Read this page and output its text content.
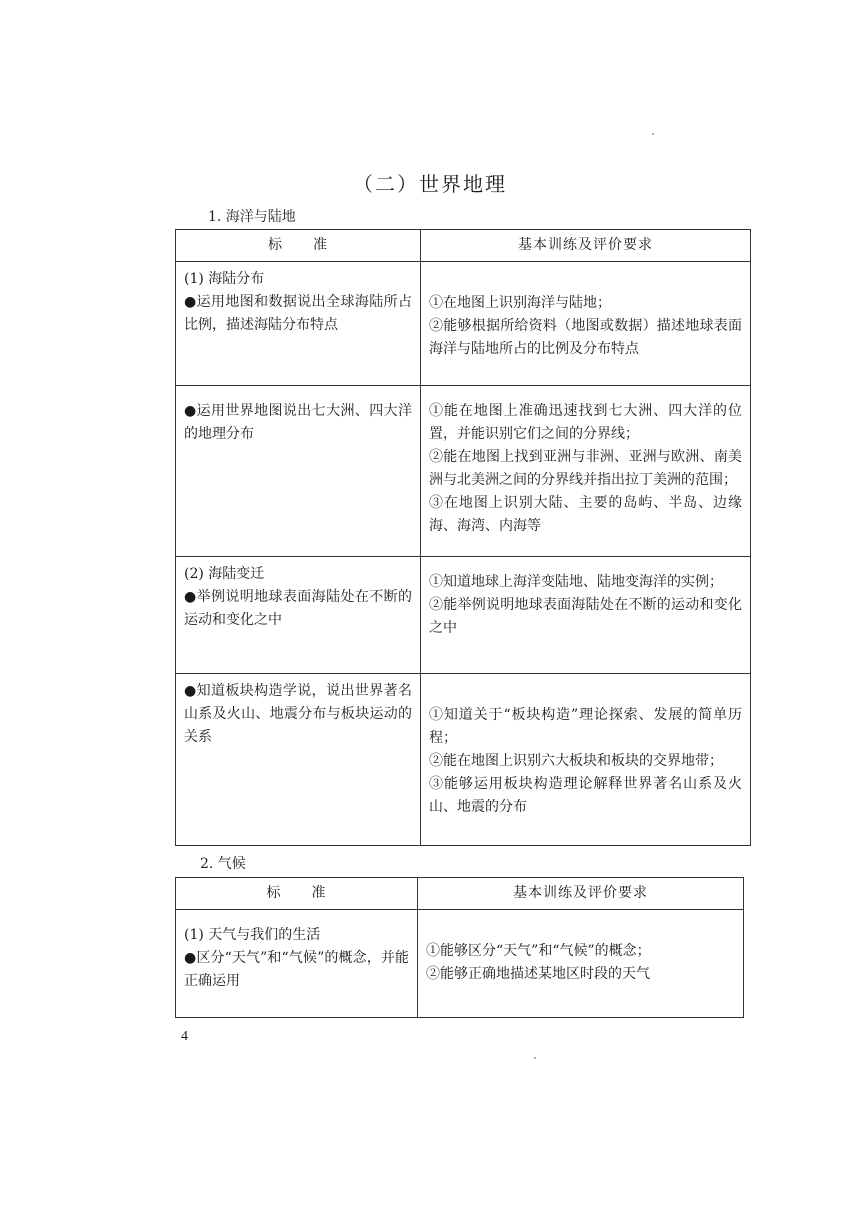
（二）世界地理
1. 海洋与陆地
标　　准	基本训练及评价要求

(1) 海陆分布
●运用地图和数据说出全球海陆所占比例，描述海陆分布特点	①在地图上识别海洋与陆地；
②能够根据所给资料（地图或数据）描述地球表面海洋与陆地所占的比例及分布特点

●运用世界地图说出七大洲、四大洋的地理分布	①能在地图上准确迅速找到七大洲、四大洋的位置，并能识别它们之间的分界线；
②能在地图上找到亚洲与非洲、亚洲与欧洲、南美洲与北美洲之间的分界线并指出拉丁美洲的范围；
③在地图上识别大陆、主要的岛屿、半岛、边缘海、海湾、内海等

(2) 海陆变迁
●举例说明地球表面海陆处在不断的运动和变化之中	①知道地球上海洋变陆地、陆地变海洋的实例；
②能举例说明地球表面海陆处在不断的运动和变化之中

●知道板块构造学说，说出世界著名山系及火山、地震分布与板块运动的关系	①知道关于“板块构造”理论探索、发展的简单历程；
②能在地图上识别六大板块和板块的交界地带；
③能够运用板块构造理论解释世界著名山系及火山、地震的分布
2. 气候
标　　准	基本训练及评价要求

(1) 天气与我们的生活
●区分“天气”和“气候”的概念，并能正确运用	①能够区分“天气”和“气候”的概念；
②能够正确地描述某地区时段的天气
4
